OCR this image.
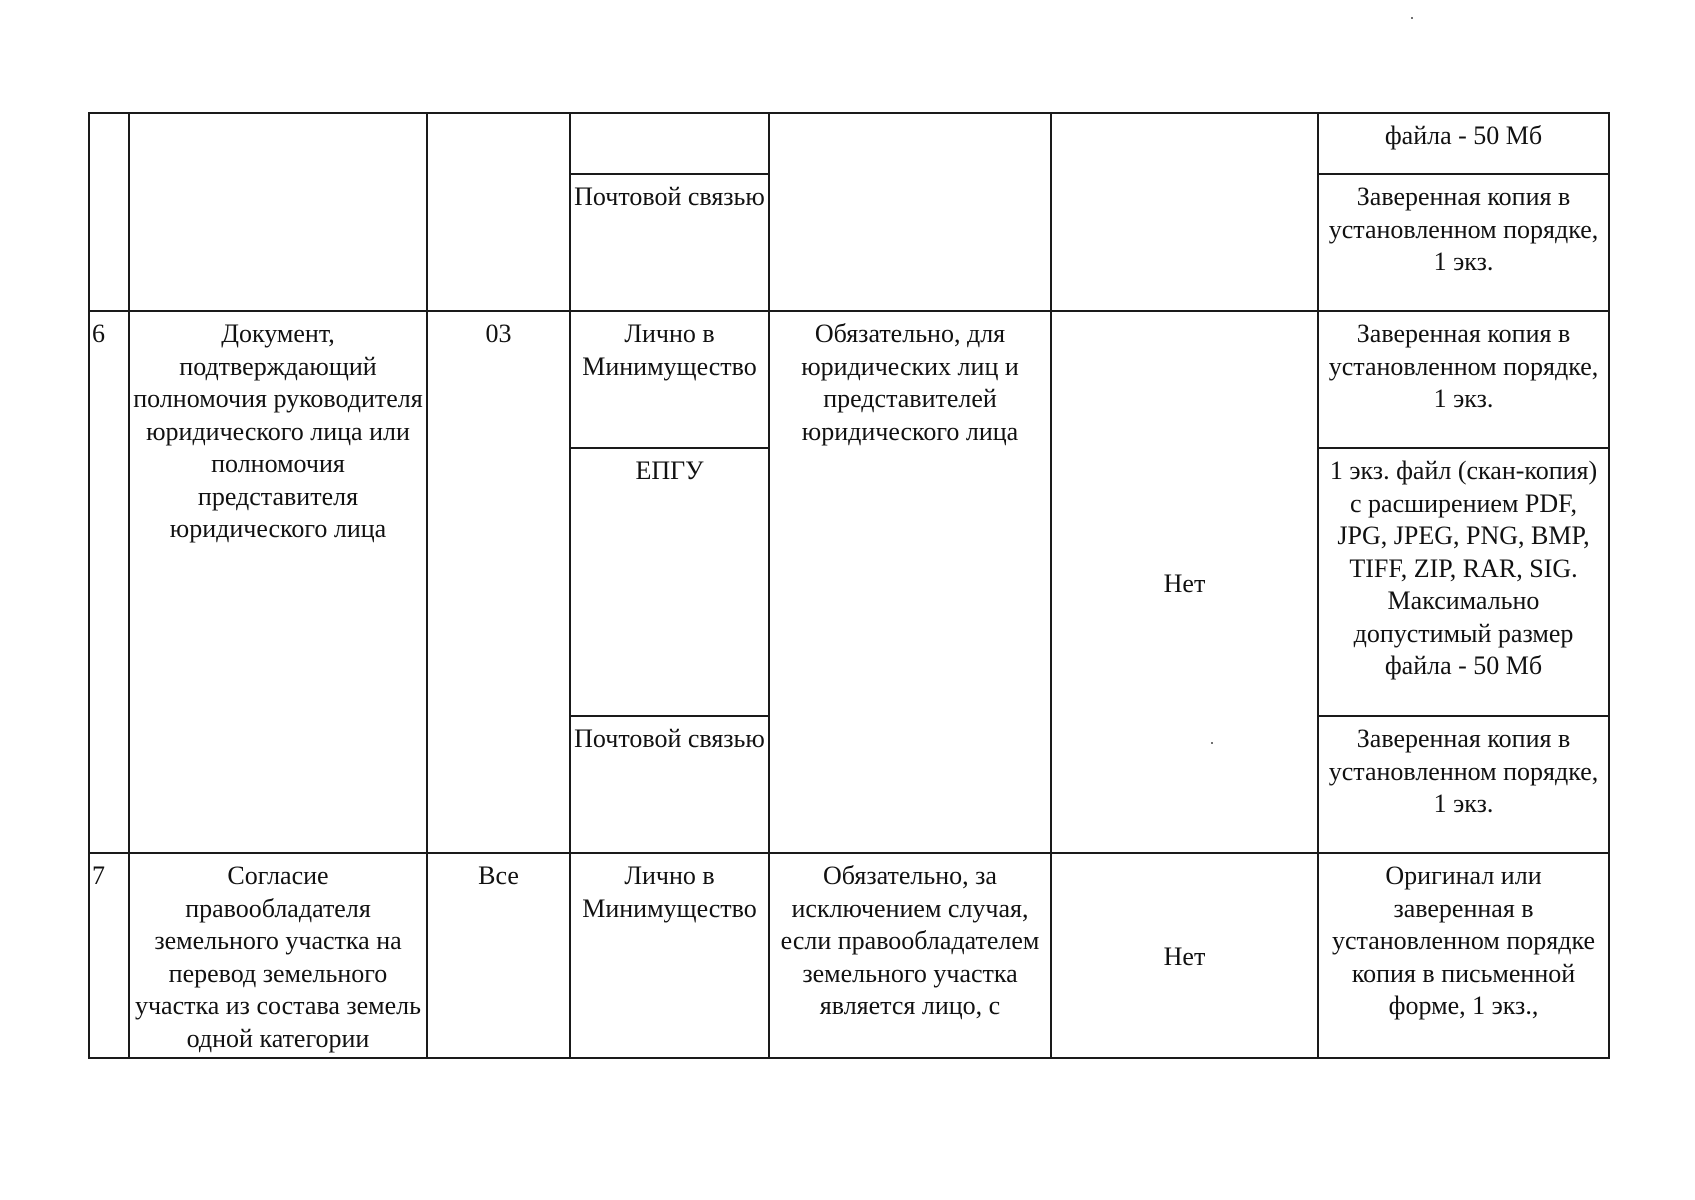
						файла - 50 Мб
			Почтовой связью			Заверенная копия в установленном порядке, 1 экз.
6	Документ, подтверждающий полномочия руководителя юридического лица или полномочия представителя юридического лица	03	Лично в Минимущество	Обязательно, для юридических лиц и представителей юридического лица	Нет	Заверенная копия в установленном порядке, 1 экз.
			ЕПГУ			1 экз. файл (скан-копия) с расширением PDF, JPG, JPEG, PNG, BMP, TIFF, ZIP, RAR, SIG. Максимально допустимый размер файла - 50 Мб
			Почтовой связью			Заверенная копия в установленном порядке, 1 экз.
7	Согласие правообладателя земельного участка на перевод земельного участка из состава земель одной категории	Все	Лично в Минимущество	Обязательно, за исключением случая, если правообладателем земельного участка является лицо, с	Нет	Оригинал или заверенная в установленном порядке копия в письменной форме, 1 экз.,
